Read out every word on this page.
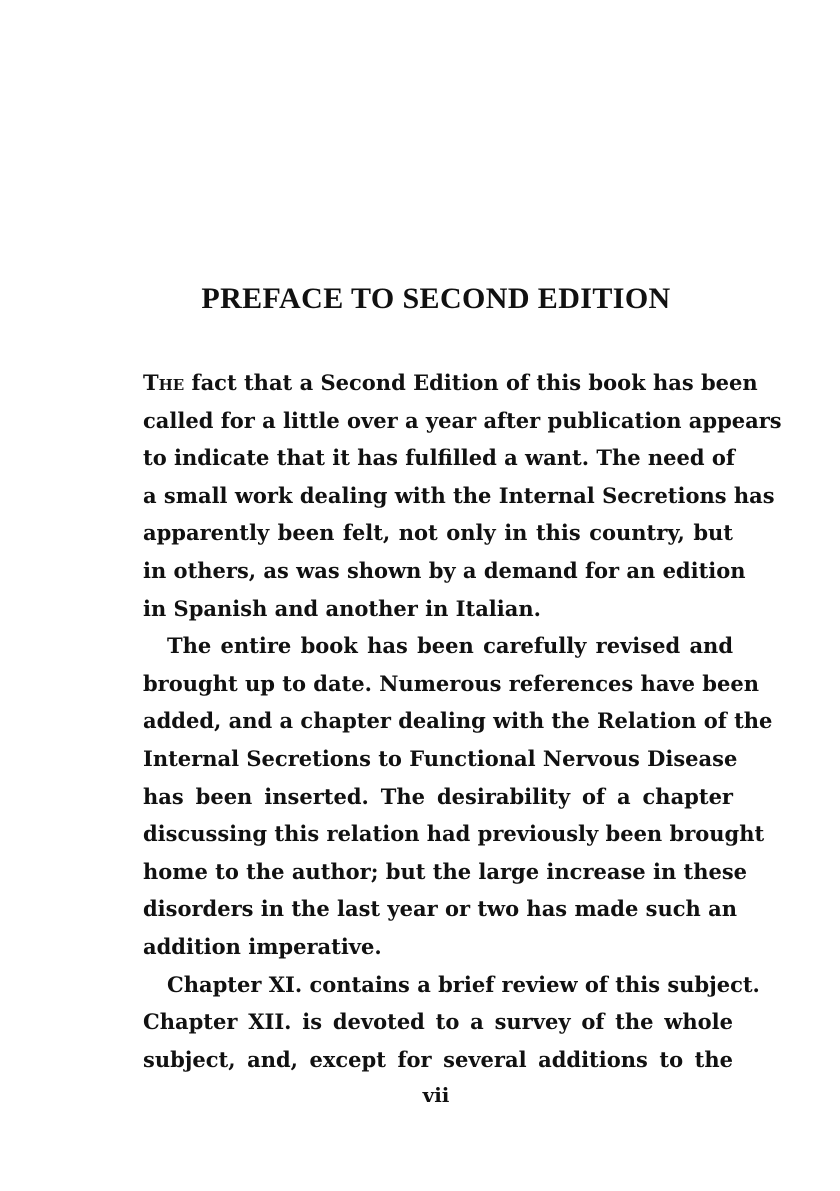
PREFACE TO SECOND EDITION
The fact that a Second Edition of this book has been
called for a little over a year after publication appears
to indicate that it has fulfilled a want. The need of
a small work dealing with the Internal Secretions has
apparently been felt, not only in this country, but
in others, as was shown by a demand for an edition
in Spanish and another in Italian.
The entire book has been carefully revised and
brought up to date. Numerous references have been
added, and a chapter dealing with the Relation of the
Internal Secretions to Functional Nervous Disease
has been inserted. The desirability of a chapter
discussing this relation had previously been brought
home to the author; but the large increase in these
disorders in the last year or two has made such an
addition imperative.
Chapter XI. contains a brief review of this subject.
Chapter XII. is devoted to a survey of the whole
subject, and, except for several additions to the
vii
